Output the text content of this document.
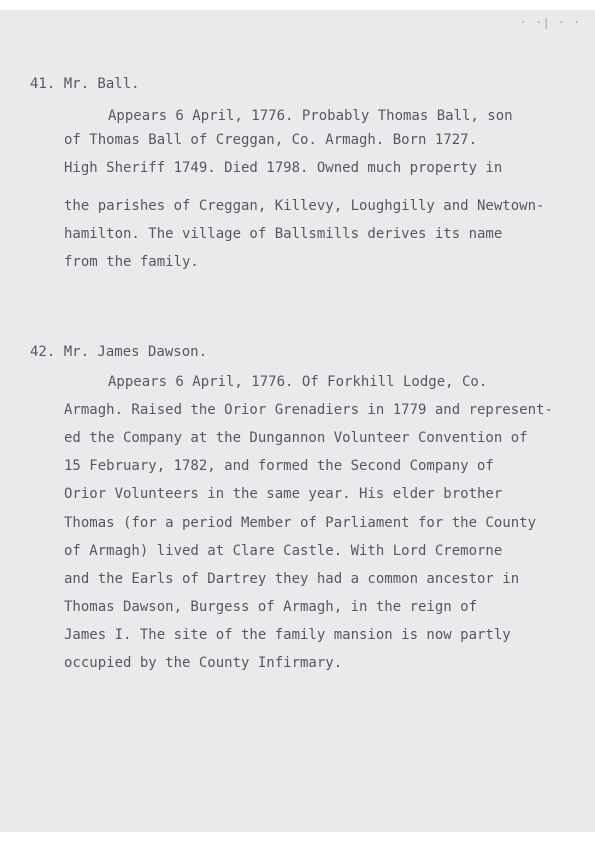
· ·| · ·
41. Mr. Ball.
Appears 6 April, 1776. Probably Thomas Ball, son
of Thomas Ball of Creggan, Co. Armagh. Born 1727.
High Sheriff 1749. Died 1798. Owned much property in
the parishes of Creggan, Killevy, Loughgilly and Newtown-
hamilton. The village of Ballsmills derives its name
from the family.
42. Mr. James Dawson.
Appears 6 April, 1776. Of Forkhill Lodge, Co.
Armagh. Raised the Orior Grenadiers in 1779 and represent-
ed the Company at the Dungannon Volunteer Convention of
15 February, 1782, and formed the Second Company of
Orior Volunteers in the same year. His elder brother
Thomas (for a period Member of Parliament for the County
of Armagh) lived at Clare Castle. With Lord Cremorne
and the Earls of Dartrey they had a common ancestor in
Thomas Dawson, Burgess of Armagh, in the reign of
James I. The site of the family mansion is now partly
occupied by the County Infirmary.
